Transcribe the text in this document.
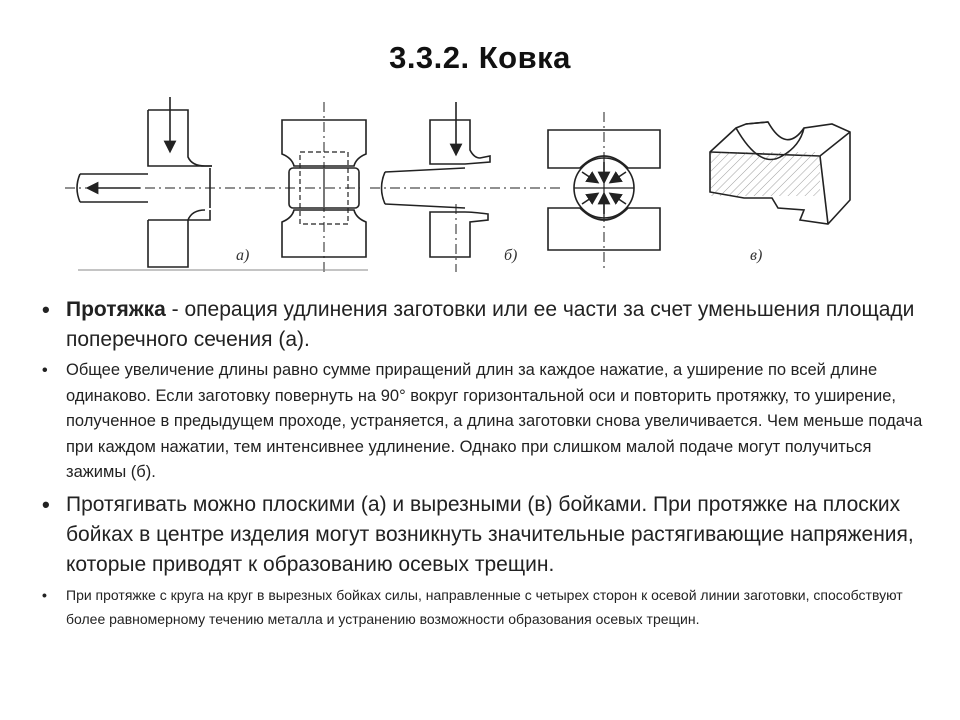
3.3.2. Ковка
а)	б)	в)
• Протяжка - операция удлинения заготовки или ее части за счет уменьшения площади поперечного сечения (а).
• Общее увеличение длины равно сумме приращений длин за каждое нажатие, а уширение по всей длине одинаково. Если заготовку повернуть на 90° вокруг горизонтальной оси и повторить протяжку, то уширение, полученное в предыдущем проходе, устраняется, а длина заготовки снова увеличивается. Чем меньше подача при каждом нажатии, тем интенсивнее удлинение. Однако при слишком малой подаче могут получиться зажимы (б).
• Протягивать можно плоскими (а) и вырезными (в) бойками. При протяжке на плоских бойках в центре изделия могут возникнуть значительные растягивающие напряжения, которые приводят к образованию осевых трещин.
• При протяжке с круга на круг в вырезных бойках силы, направленные с четырех сторон к осевой линии заготовки, способствуют более равномерному течению металла и устранению возможности образования осевых трещин.
